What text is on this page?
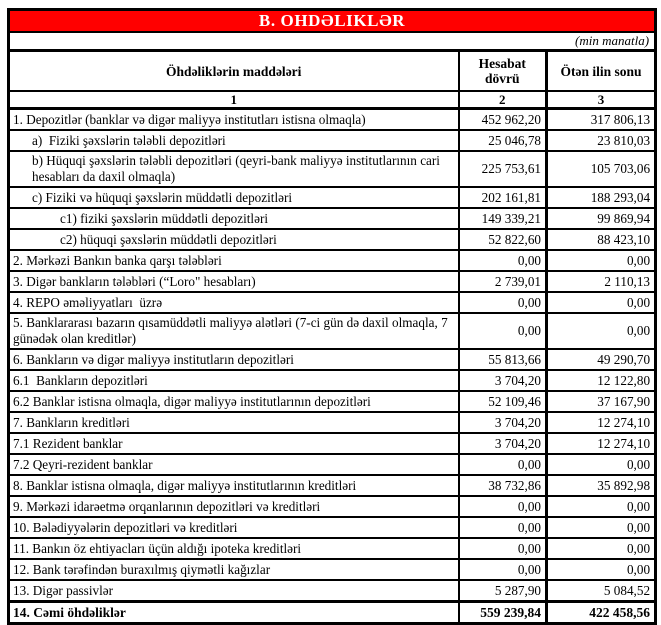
B. OHDƏLIKLƏR		
(min manatla)		
Öhdəliklərin maddələri	Hesabat dövrü	Ötən ilin sonu
1	2	3
1. Depozitlər (banklar və digər maliyyə institutları istisna olmaqla)	452 962,20	317 806,13
a)  Fiziki şəxslərin tələbli depozitləri	25 046,78	23 810,03
b) Hüquqi şəxslərin tələbli depozitləri (qeyri-bank maliyyə institutlarının cari hesabları da daxil olmaqla)	225 753,61	105 703,06
c) Fiziki və hüquqi şəxslərin müddətli depozitləri	202 161,81	188 293,04
c1) fiziki şəxslərin müddətli depozitləri	149 339,21	99 869,94
c2) hüquqi şəxslərin müddətli depozitləri	52 822,60	88 423,10
2. Mərkəzi Bankın banka qarşı tələbləri	0,00	0,00
3. Digər bankların tələbləri (“Loro" hesabları)	2 739,01	2 110,13
4. REPO əməliyyatları  üzrə	0,00	0,00
5. Banklararası bazarın qısamüddətli maliyyə alətləri (7-ci gün də daxil olmaqla, 7 günədək olan kreditlər)	0,00	0,00
6. Bankların və digər maliyyə institutların depozitləri	55 813,66	49 290,70
6.1  Bankların depozitləri	3 704,20	12 122,80
6.2 Banklar istisna olmaqla, digər maliyyə institutlarının depozitləri	52 109,46	37 167,90
7. Bankların kreditləri	3 704,20	12 274,10
7.1 Rezident banklar	3 704,20	12 274,10
7.2 Qeyri-rezident banklar	0,00	0,00
8. Banklar istisna olmaqla, digər maliyyə institutlarının kreditləri	38 732,86	35 892,98
9. Mərkəzi idarəetmə orqanlarının depozitləri və kreditləri	0,00	0,00
10. Bələdiyyələrin depozitləri və kreditləri	0,00	0,00
11. Bankın öz ehtiyacları üçün aldığı ipoteka kreditləri	0,00	0,00
12. Bank tərəfindən buraxılmış qiymətli kağızlar	0,00	0,00
13. Digər passivlər	5 287,90	5 084,52
14. Cəmi öhdəliklər	559 239,84	422 458,56
